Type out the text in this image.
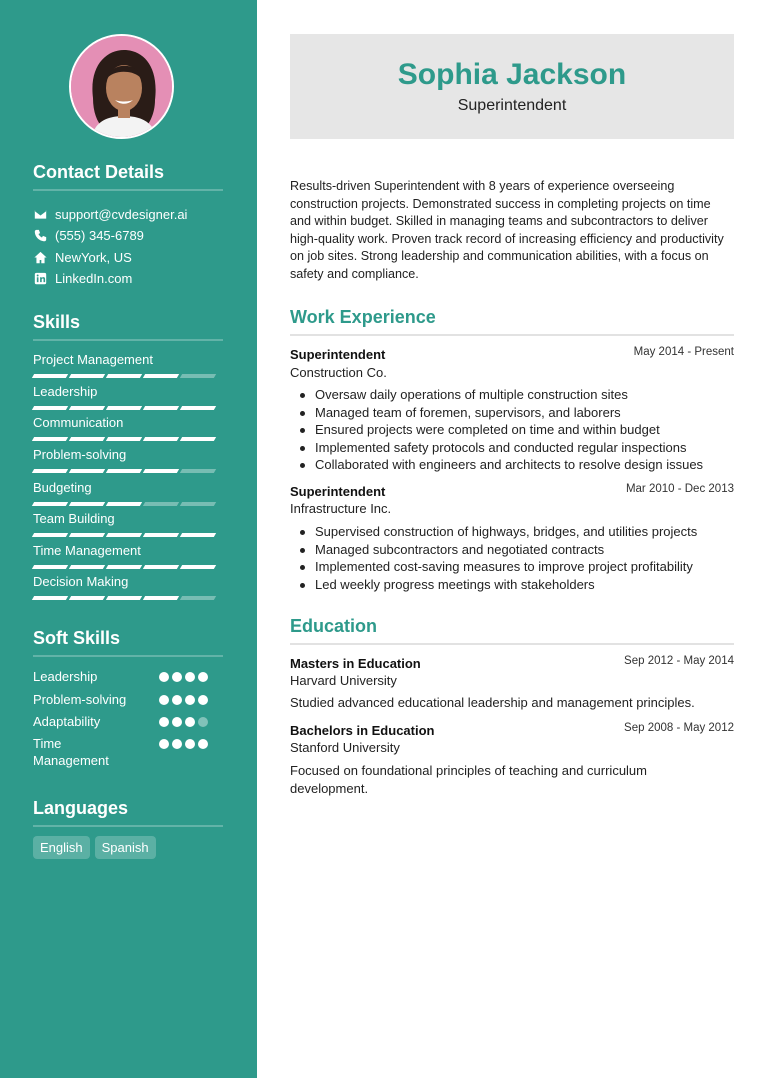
Contact Details
support@cvdesigner.ai
(555) 345-6789
NewYork, US
LinkedIn.com
Skills
Project Management
Leadership
Communication
Problem-solving
Budgeting
Team Building
Time Management
Decision Making
Soft Skills
Leadership
Problem-solving
Adaptability
Time Management
Languages
English	Spanish
Sophia Jackson
Superintendent
Results-driven Superintendent with 8 years of experience overseeing construction projects. Demonstrated success in completing projects on time and within budget. Skilled in managing teams and subcontractors to deliver high-quality work. Proven track record of increasing efficiency and productivity on job sites. Strong leadership and communication abilities, with a focus on safety and compliance.
Work Experience
Superintendent	May 2014 - Present
Construction Co.
Oversaw daily operations of multiple construction sites
Managed team of foremen, supervisors, and laborers
Ensured projects were completed on time and within budget
Implemented safety protocols and conducted regular inspections
Collaborated with engineers and architects to resolve design issues
Superintendent	Mar 2010 - Dec 2013
Infrastructure Inc.
Supervised construction of highways, bridges, and utilities projects
Managed subcontractors and negotiated contracts
Implemented cost-saving measures to improve project profitability
Led weekly progress meetings with stakeholders
Education
Masters in Education	Sep 2012 - May 2014
Harvard University
Studied advanced educational leadership and management principles.
Bachelors in Education	Sep 2008 - May 2012
Stanford University
Focused on foundational principles of teaching and curriculum development.
